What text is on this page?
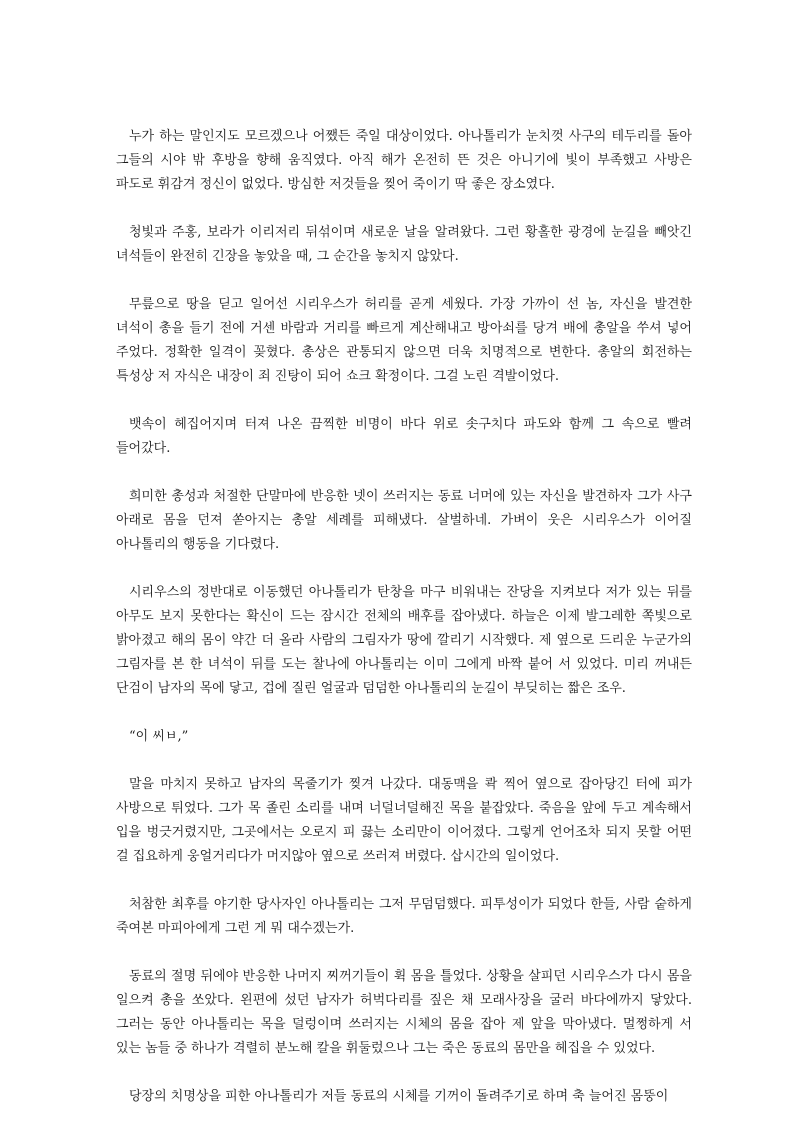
누가 하는 말인지도 모르겠으나 어쨌든 죽일 대상이었다. 아나톨리가 눈치껏 사구의 테두리를 돌아 그들의 시야 밖 후방을 향해 움직였다. 아직 해가 온전히 뜬 것은 아니기에 빛이 부족했고 사방은 파도로 휘감겨 정신이 없었다. 방심한 저것들을 찢어 죽이기 딱 좋은 장소였다.

청빛과 주홍, 보라가 이리저리 뒤섞이며 새로운 날을 알려왔다. 그런 황홀한 광경에 눈길을 빼앗긴 녀석들이 완전히 긴장을 놓았을 때, 그 순간을 놓치지 않았다.

무릎으로 땅을 딛고 일어선 시리우스가 허리를 곧게 세웠다. 가장 가까이 선 놈, 자신을 발견한 녀석이 총을 들기 전에 거센 바람과 거리를 빠르게 계산해내고 방아쇠를 당겨 배에 총알을 쑤셔 넣어 주었다. 정확한 일격이 꽂혔다. 총상은 관통되지 않으면 더욱 치명적으로 변한다. 총알의 회전하는 특성상 저 자식은 내장이 죄 진탕이 되어 쇼크 확정이다. 그걸 노린 격발이었다.

뱃속이 헤집어지며 터져 나온 끔찍한 비명이 바다 위로 솟구치다 파도와 함께 그 속으로 빨려 들어갔다.

희미한 총성과 처절한 단말마에 반응한 넷이 쓰러지는 동료 너머에 있는 자신을 발견하자 그가 사구 아래로 몸을 던져 쏟아지는 총알 세례를 피해냈다. 살벌하네. 가벼이 웃은 시리우스가 이어질 아나톨리의 행동을 기다렸다.

시리우스의 정반대로 이동했던 아나톨리가 탄창을 마구 비워내는 잔당을 지켜보다 저가 있는 뒤를 아무도 보지 못한다는 확신이 드는 잠시간 전체의 배후를 잡아냈다. 하늘은 이제 발그레한 쪽빛으로 밝아졌고 해의 몸이 약간 더 올라 사람의 그림자가 땅에 깔리기 시작했다. 제 옆으로 드리운 누군가의 그림자를 본 한 녀석이 뒤를 도는 찰나에 아나톨리는 이미 그에게 바짝 붙어 서 있었다. 미리 꺼내든 단검이 남자의 목에 닿고, 겁에 질린 얼굴과 덤덤한 아나톨리의 눈길이 부딪히는 짧은 조우.

“이 씨ㅂ,”

말을 마치지 못하고 남자의 목줄기가 찢겨 나갔다. 대동맥을 콱 찍어 옆으로 잡아당긴 터에 피가 사방으로 튀었다. 그가 목 졸린 소리를 내며 너덜너덜해진 목을 붙잡았다. 죽음을 앞에 두고 계속해서 입을 벙긋거렸지만, 그곳에서는 오로지 피 끓는 소리만이 이어졌다. 그렇게 언어조차 되지 못할 어떤 걸 집요하게 웅얼거리다가 머지않아 옆으로 쓰러져 버렸다. 삽시간의 일이었다.

처참한 최후를 야기한 당사자인 아나톨리는 그저 무덤덤했다. 피투성이가 되었다 한들, 사람 숱하게 죽여본 마피아에게 그런 게 뭐 대수겠는가.

동료의 절명 뒤에야 반응한 나머지 찌꺼기들이 휙 몸을 틀었다. 상황을 살피던 시리우스가 다시 몸을 일으켜 총을 쏘았다. 왼편에 섰던 남자가 허벅다리를 짚은 채 모래사장을 굴러 바다에까지 닿았다. 그러는 동안 아나톨리는 목을 덜렁이며 쓰러지는 시체의 몸을 잡아 제 앞을 막아냈다. 멀쩡하게 서 있는 놈들 중 하나가 격렬히 분노해 칼을 휘둘렀으나 그는 죽은 동료의 몸만을 헤집을 수 있었다.

당장의 치명상을 피한 아나톨리가 저들 동료의 시체를 기꺼이 돌려주기로 하며 축 늘어진 몸뚱이
